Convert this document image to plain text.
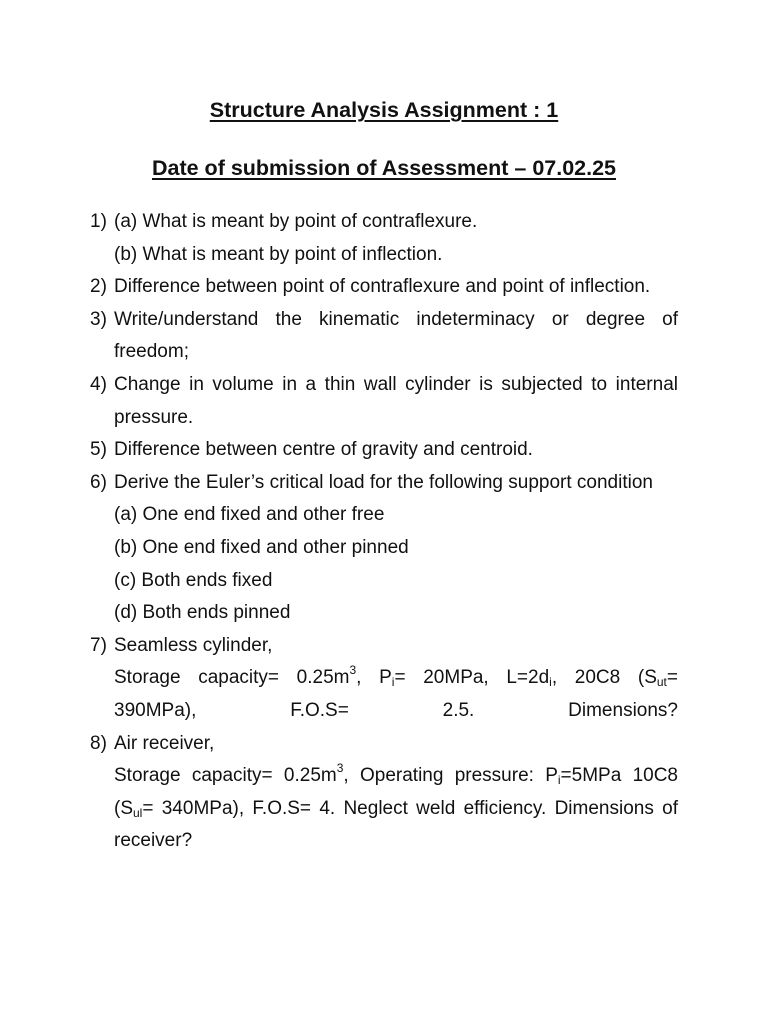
Structure Analysis Assignment : 1
Date of submission of Assessment – 07.02.25
1) (a) What is meant by point of contraflexure.
(b) What is meant by point of inflection.
2) Difference between point of contraflexure and point of inflection.
3) Write/understand the kinematic indeterminacy or degree of freedom;
4) Change in volume in a thin wall cylinder is subjected to internal pressure.
5) Difference between centre of gravity and centroid.
6) Derive the Euler’s critical load for the following support condition
(a) One end fixed and other free
(b) One end fixed and other pinned
(c) Both ends fixed
(d) Both ends pinned
7) Seamless cylinder,
Storage capacity= $0.25m^3$, $P_i= 20MPa$, $L=2d_i$, 20C8 $(S_{ut}= 390MPa)$, F.O.S= 2.5. Dimensions?
8) Air receiver,
Storage capacity= $0.25m^3$, Operating pressure: $P_i=5MPa$ 10C8 $(S_{ul}= 340MPa)$, F.O.S= 4. Neglect weld efficiency. Dimensions of receiver?
